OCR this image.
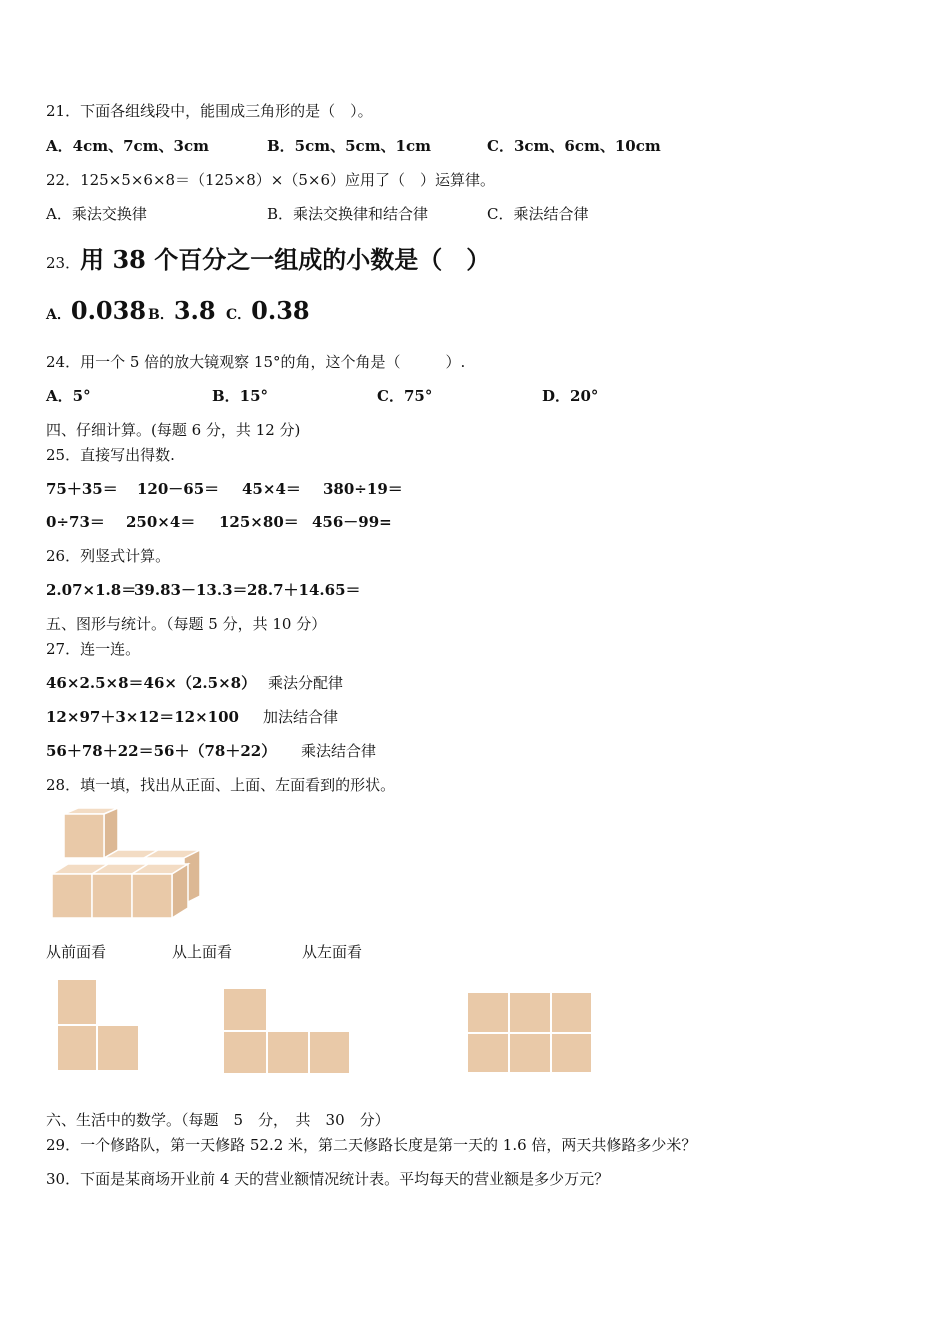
21．下面各组线段中，能围成三角形的是（　）。
A．4cm、7cm、3cm	B．5cm、5cm、1cm	C．3cm、6cm、10cm
22．125×5×6×8＝（125×8）×（5×6）应用了（　）运算律。
A．乘法交换律	B．乘法交换律和结合律	C．乘法结合律
23．用 38 个百分之一组成的小数是（　）
A．0.038 B．3.8 C．0.38
24．用一个 5 倍的放大镜观察 15°的角，这个角是（　　　）.
A．5°	B．15°	C．75°	D．20°
四、仔细计算。(每题 6 分，共 12 分)
25．直接写出得数.
75＋35＝ 120－65＝ 45×4＝ 380÷19＝
0÷73＝ 250×4＝ 125×80＝ 456－99=
26．列竖式计算。
2.07×1.8＝
39.83－13.3＝ 28.7＋14.65＝
五、图形与统计。（每题 5 分，共 10 分）
27．连一连。
46×2.5×8＝46×（2.5×8） 乘法分配律
12×97＋3×12＝12×100 加法结合律
56＋78＋22＝56＋（78＋22） 乘法结合律
28．填一填，找出从正面、上面、左面看到的形状。
从前面看	从上面看	从左面看
六、生活中的数学。（每题　5　分，　共　30　分）
29．一个修路队，第一天修路 52.2 米，第二天修路长度是第一天的 1.6 倍，两天共修路多少米？
30．下面是某商场开业前 4 天的营业额情况统计表。平均每天的营业额是多少万元？
